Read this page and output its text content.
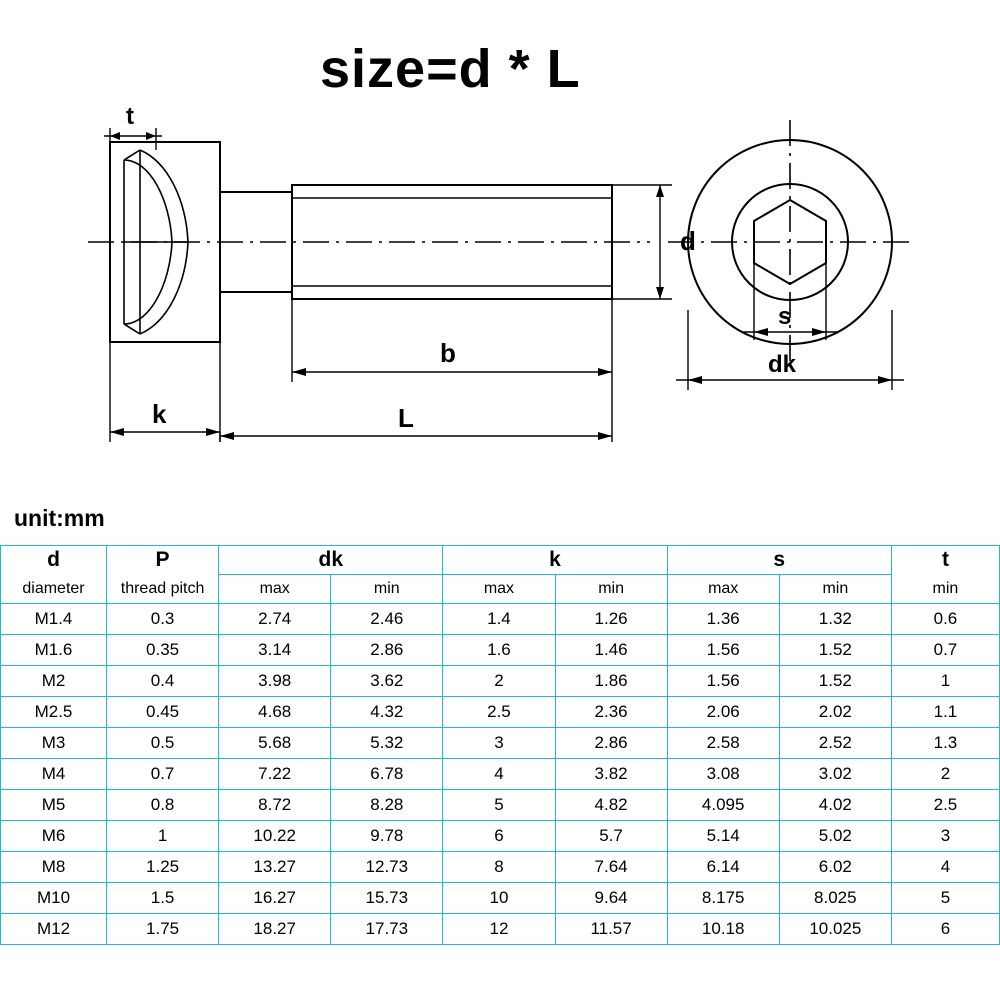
size=d * L
d
b
k	L
s
dk
t
unit:mm
d	P	dk		k		s		t
diameter	thread pitch	max	min	max	min	max	min	min
M1.4	0.3	2.74	2.46	1.4	1.26	1.36	1.32	0.6
M1.6	0.35	3.14	2.86	1.6	1.46	1.56	1.52	0.7
M2	0.4	3.98	3.62	2	1.86	1.56	1.52	1
M2.5	0.45	4.68	4.32	2.5	2.36	2.06	2.02	1.1
M3	0.5	5.68	5.32	3	2.86	2.58	2.52	1.3
M4	0.7	7.22	6.78	4	3.82	3.08	3.02	2
M5	0.8	8.72	8.28	5	4.82	4.095	4.02	2.5
M6	1	10.22	9.78	6	5.7	5.14	5.02	3
M8	1.25	13.27	12.73	8	7.64	6.14	6.02	4
M10	1.5	16.27	15.73	10	9.64	8.175	8.025	5
M12	1.75	18.27	17.73	12	11.57	10.18	10.025	6
